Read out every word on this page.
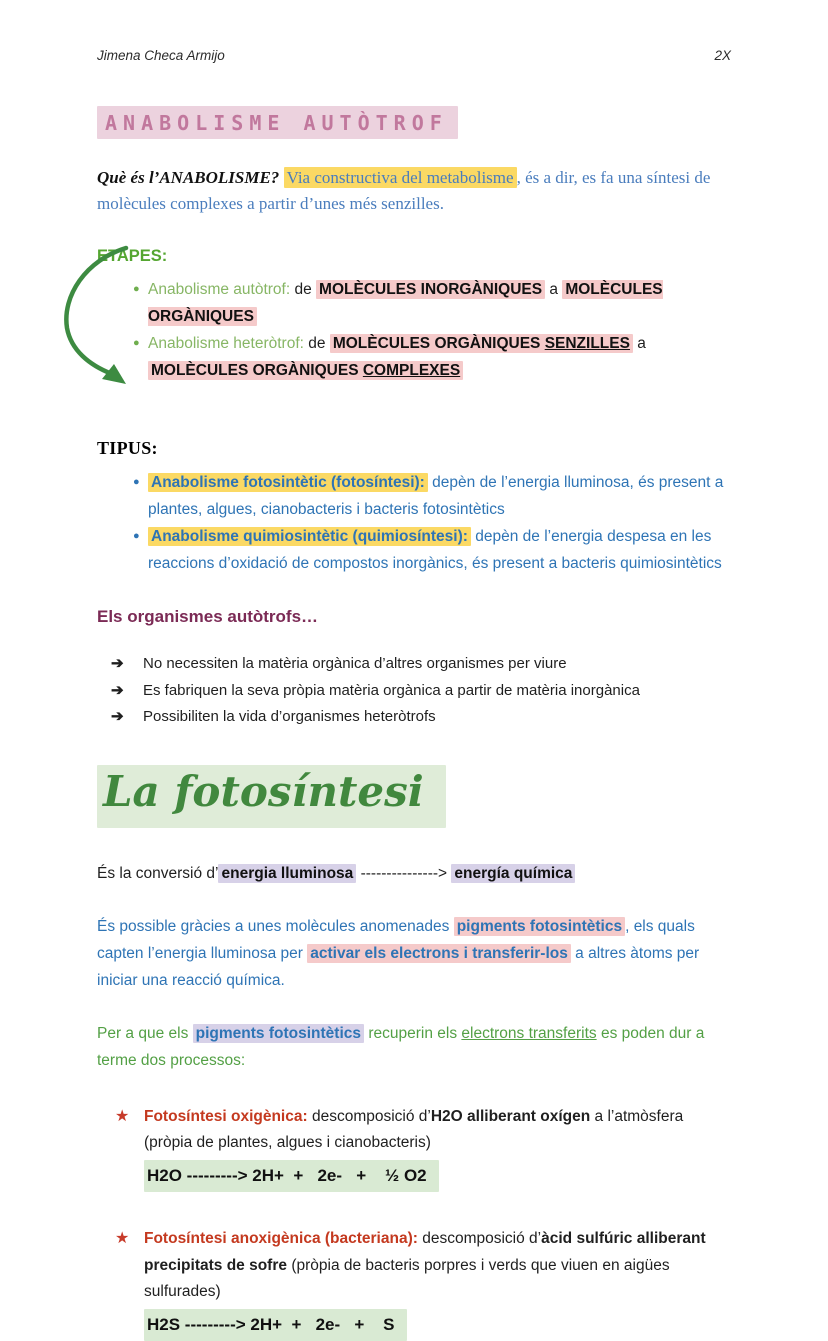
Jimena Checa Armijo	2X
ANABOLISME AUTÒTROF

Què és l’ANABOLISME? Via constructiva del metabolisme , és a dir, es fa una síntesi de molècules complexes a partir d’unes més senzilles.

ETAPES:
● Anabolisme autòtrof: de MOLÈCULES INORGÀNIQUES a MOLÈCULES ORGÀNIQUES
● Anabolisme heteròtrof: de MOLÈCULES ORGÀNIQUES SENZILLES a MOLÈCULES ORGÀNIQUES COMPLEXES
TIPUS:
● Anabolisme fotosintètic (fotosíntesi): depèn de l’energia lluminosa, és present a plantes, algues, cianobacteris i bacteris fotosintètics
● Anabolisme quimiosintètic (quimiosíntesi): depèn de l’energia despesa en les reaccions d’oxidació de compostos inorgànics, és present a bacteris quimiosintètics
Els organismes autòtrofs…
➔	No necessiten la matèria orgànica d’altres organismes per viure
➔	Es fabriquen la seva pròpia matèria orgànica a partir de matèria inorgànica
➔	Possibiliten la vida d’organismes heteròtrofs
La fotosíntesi

És la conversió d’ energia lluminosa ---------------> energía química

És possible gràcies a unes molècules anomenades pigments fotosintètics , els quals capten l’energia lluminosa per activar els electrons i transferir-los a altres àtoms per iniciar una reacció química.

Per a que els pigments fotosintètics recuperin els electrons transferits es poden dur a terme dos processos:

★ Fotosíntesi oxigènica: descomposició d’H2O alliberant oxígen a l’atmòsfera (pròpia de plantes, algues i cianobacteris)
H2O ---------> 2H+  +   2e-   +    ½ O2
★ Fotosíntesi anoxigènica (bacteriana): descomposició d’àcid sulfúric alliberant precipitats de sofre (pròpia de bacteris porpres i verds que viuen en aigües sulfurades)
H2S ---------> 2H+  +   2e-   +    S
